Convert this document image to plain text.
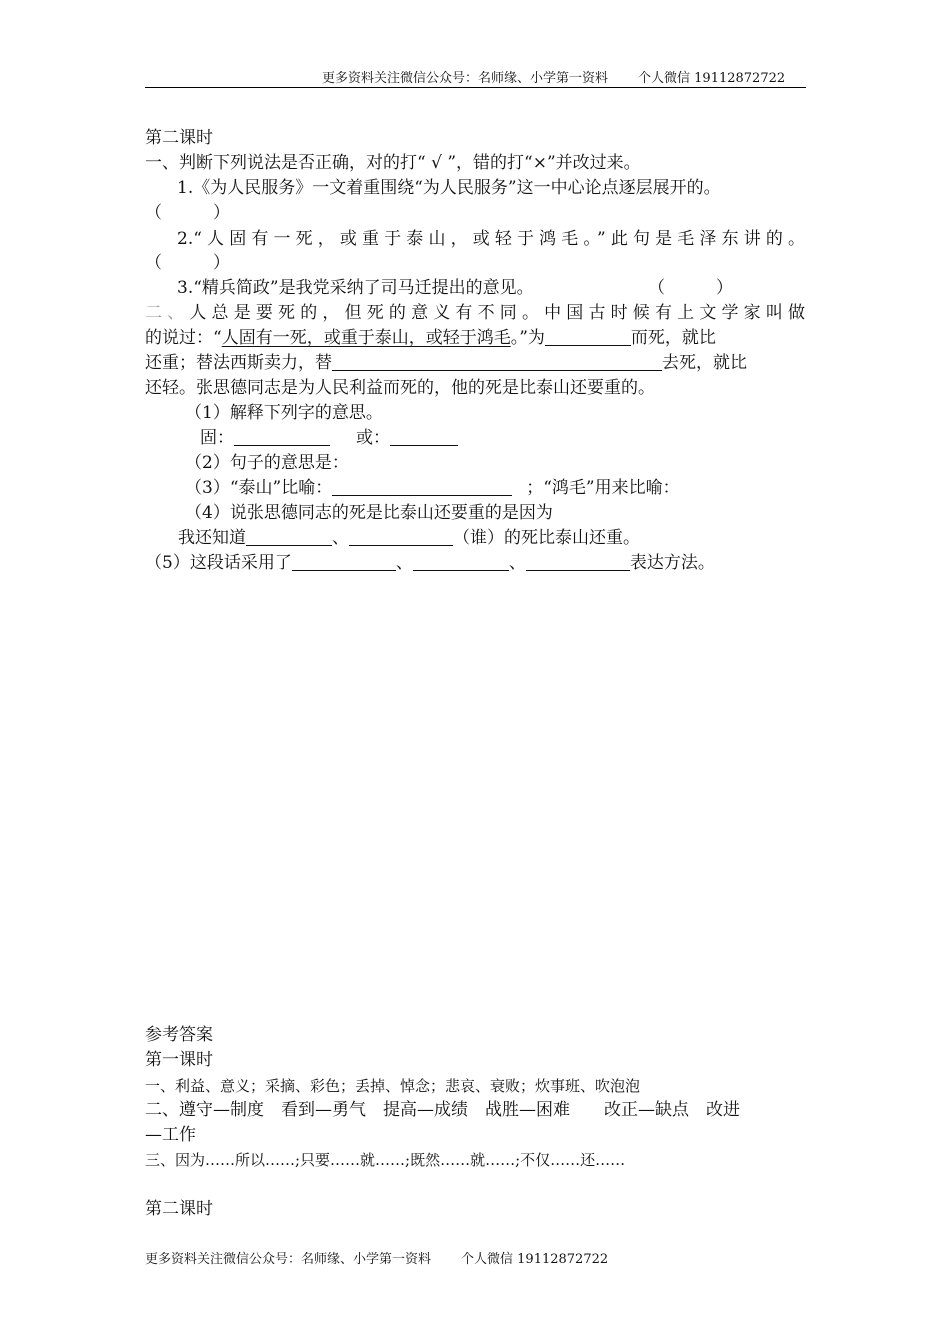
更多资料关注微信公众号：名师缘、小学第一资料 个人微信 19112872722
第二课时
一、判断下列说法是否正确，对的打“ √ ”，错的打“×”并改过来。
1.《为人民服务》一文着重围绕“为人民服务”这一中心论点逐层展开的。
（　　　）
2.“人固有一死，或重于泰山，或轻于鸿毛。”此句是毛泽东讲的。
（　　　）
3.“精兵简政”是我党采纳了司马迁提出的意见。	（　　　）
二、人总是要死的，但死的意义有不同。中国古时候有上文学家叫做
的说过：“人固有一死，或重于泰山，或轻于鸿毛。”为	而死，就比
还重；替法西斯卖力，替	去死，就比
还轻。张思德同志是为人民利益而死的，他的死是比泰山还要重的。
（1）解释下列字的意思。
固：	或：
（2）句子的意思是：
（3）“泰山”比喻：	；“鸿毛”用来比喻：
（4）说张思德同志的死是比泰山还要重的是因为
我还知道	、	（谁）的死比泰山还重。
（5）这段话采用了	、	、	表达方法。
参考答案
第一课时
一、利益、意义；采摘、彩色；丢掉、悼念；悲哀、衰败；炊事班、吹泡泡
二、遵守—制度　看到—勇气　提高—成绩　战胜—困难　　改正—缺点　改进
—工作
三、因为……所以……;只要……就……;既然……就……;不仅……还……
第二课时
更多资料关注微信公众号：名师缘、小学第一资料 个人微信 19112872722
